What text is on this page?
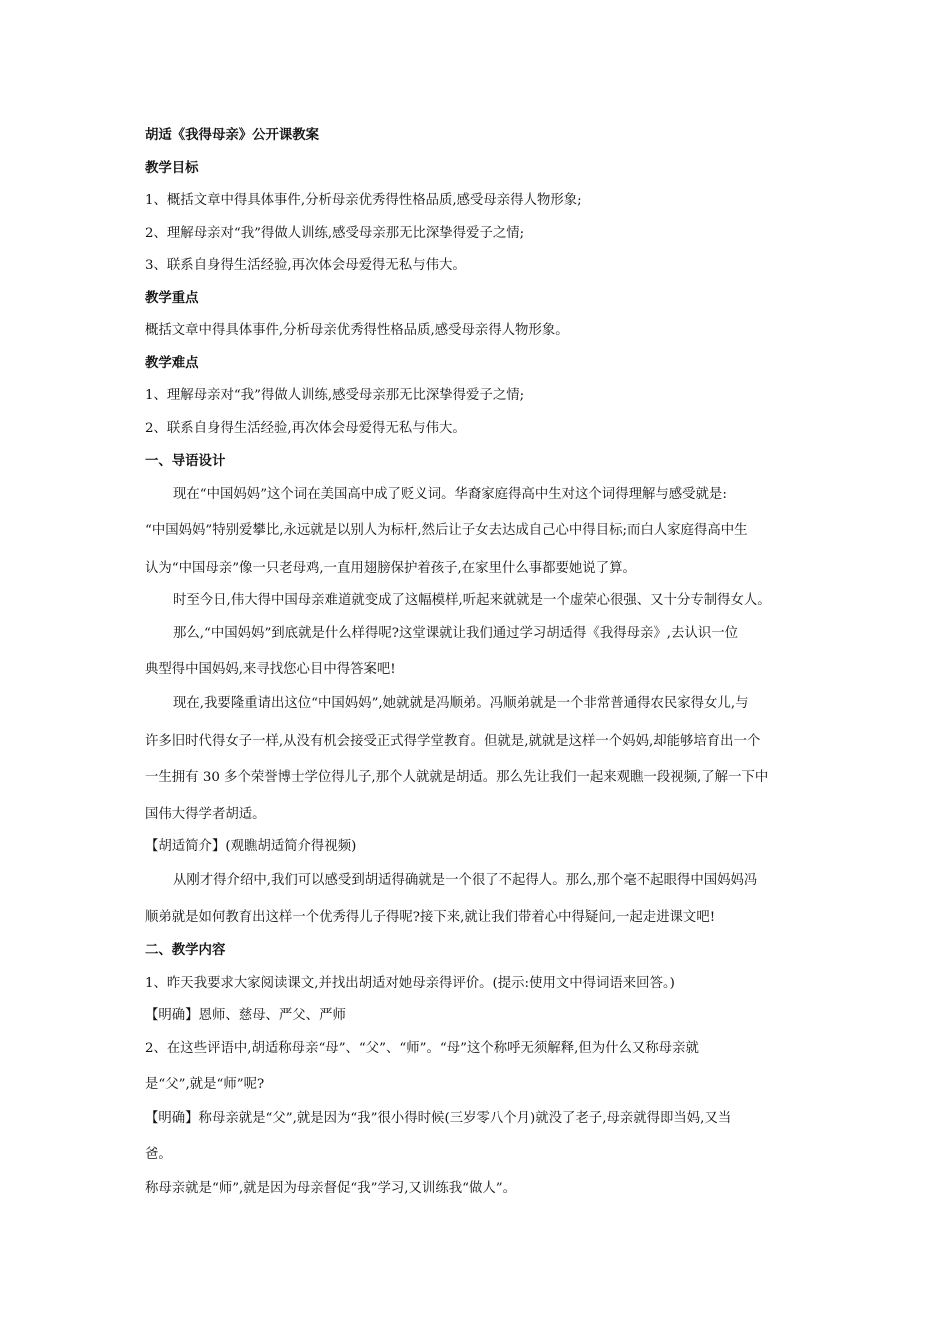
胡适《我得母亲》公开课教案
教学目标
1、概括文章中得具体事件,分析母亲优秀得性格品质,感受母亲得人物形象;
2、理解母亲对“我”得做人训练,感受母亲那无比深挚得爱子之情;
3、联系自身得生活经验,再次体会母爱得无私与伟大。
教学重点
概括文章中得具体事件,分析母亲优秀得性格品质,感受母亲得人物形象。
教学难点
1、理解母亲对“我”得做人训练,感受母亲那无比深挚得爱子之情;
2、联系自身得生活经验,再次体会母爱得无私与伟大。
一、导语设计
现在“中国妈妈”这个词在美国高中成了贬义词。华裔家庭得高中生对这个词得理解与感受就是:
“中国妈妈”特别爱攀比,永远就是以别人为标杆,然后让子女去达成自己心中得目标;而白人家庭得高中生
认为“中国母亲”像一只老母鸡,一直用翅膀保护着孩子,在家里什么事都要她说了算。
时至今日,伟大得中国母亲难道就变成了这幅模样,听起来就就是一个虚荣心很强、又十分专制得女人。
那么,“中国妈妈”到底就是什么样得呢?这堂课就让我们通过学习胡适得《我得母亲》,去认识一位
典型得中国妈妈,来寻找您心目中得答案吧!
现在,我要隆重请出这位“中国妈妈”,她就就是冯顺弟。冯顺弟就是一个非常普通得农民家得女儿,与
许多旧时代得女子一样,从没有机会接受正式得学堂教育。但就是,就就是这样一个妈妈,却能够培育出一个
一生拥有 30 多个荣誉博士学位得儿子,那个人就就是胡适。那么先让我们一起来观瞧一段视频,了解一下中
国伟大得学者胡适。
【胡适简介】(观瞧胡适简介得视频)
从刚才得介绍中,我们可以感受到胡适得确就是一个很了不起得人。那么,那个毫不起眼得中国妈妈冯
顺弟就是如何教育出这样一个优秀得儿子得呢?接下来,就让我们带着心中得疑问,一起走进课文吧!
二、教学内容
1、昨天我要求大家阅读课文,并找出胡适对她母亲得评价。(提示:使用文中得词语来回答。)
【明确】恩师、慈母、严父、严师
2、在这些评语中,胡适称母亲“母”、“父”、“师”。“母”这个称呼无须解释,但为什么又称母亲就
是“父”,就是“师”呢?
【明确】称母亲就是“父”,就是因为“我”很小得时候(三岁零八个月)就没了老子,母亲就得即当妈,又当
爸。
称母亲就是“师”,就是因为母亲督促“我”学习,又训练我“做人”。
